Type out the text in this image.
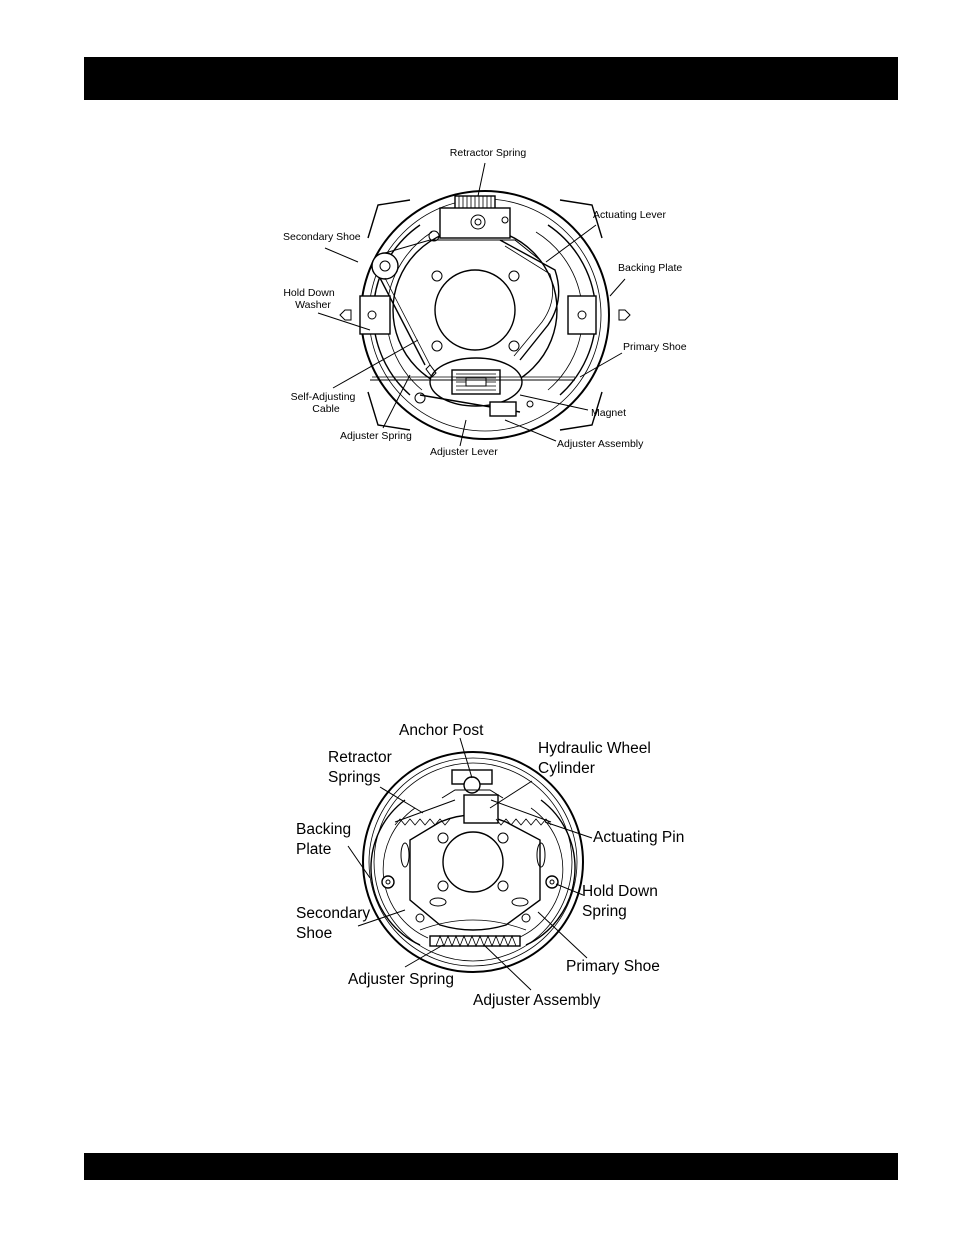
Retractor Spring
Actuating Lever
Secondary Shoe
Backing Plate
Hold Down
Washer
Primary Shoe
Self-Adjusting
Cable	Magnet
Adjuster Spring
Adjuster Assembly
Adjuster Lever
Anchor Post
Retractor
Springs
Hydraulic Wheel
Cylinder
Backing
Plate
Actuating Pin
Hold Down
Spring
Secondary
Shoe
Primary Shoe
Adjuster Spring
Adjuster Assembly
